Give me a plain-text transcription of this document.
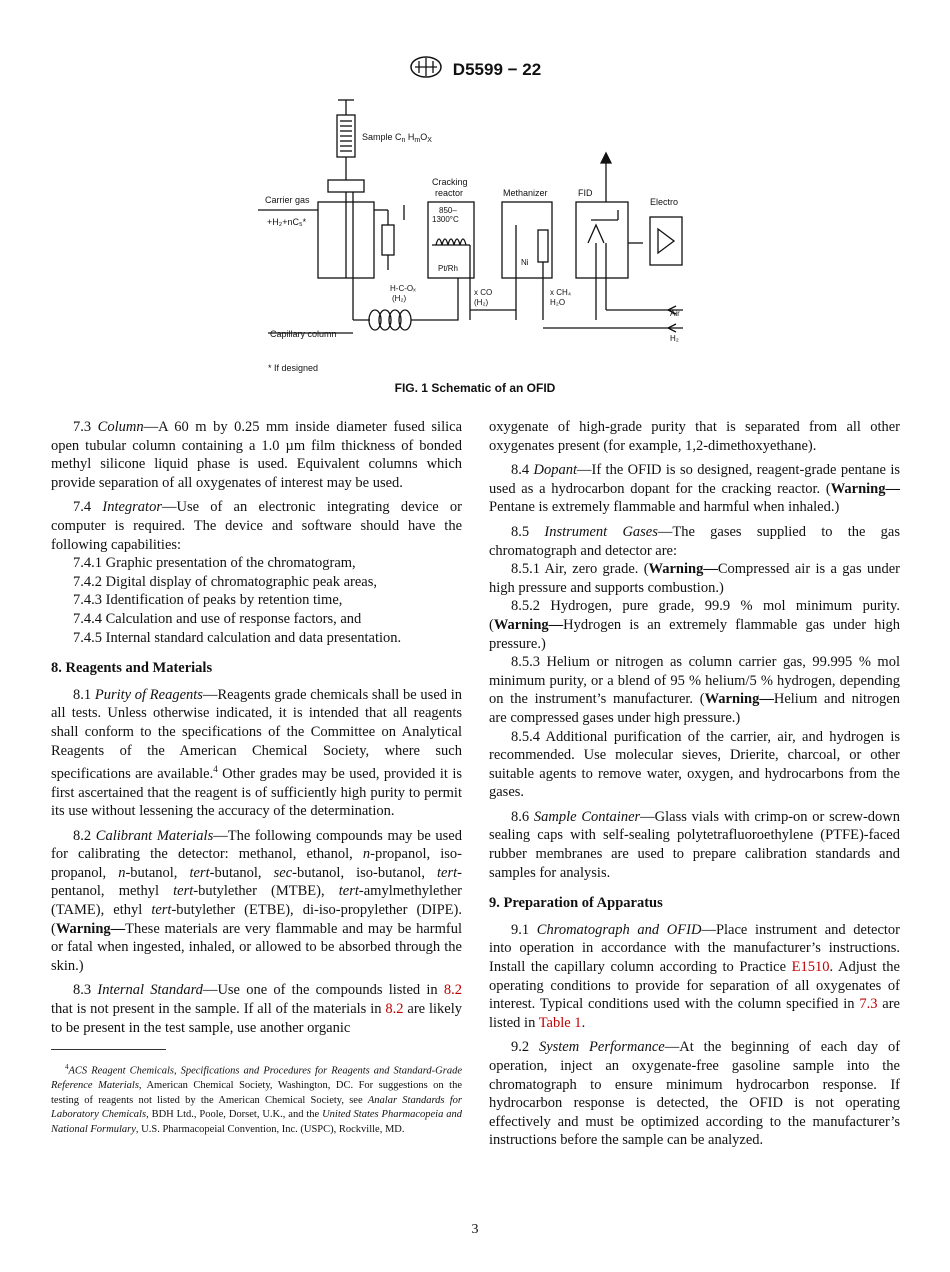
D5599 − 22
Sample $C_n$ $H_mO_X$
Carrier gas
+H₂+nC₅*
Cracking
reactor
850–
1300°C
Pt/Rh
Methanizer
Ni
FID
Electro
H-C-Oₓ
(H₂)
x CO
(H₂)
x CH₄
H₂O
Air
H₂
Capillary column
* If designed
FIG. 1 Schematic of an OFID

7.3 Column—A 60 m by 0.25 mm inside diameter fused silica open tubular column containing a 1.0 µm film thickness of bonded methyl silicone liquid phase is used. Equivalent columns which provide separation of all oxygenates of interest may be used.

7.4 Integrator—Use of an electronic integrating device or computer is required. The device and software should have the following capabilities:

7.4.1 Graphic presentation of the chromatogram,

7.4.2 Digital display of chromatographic peak areas,

7.4.3 Identification of peaks by retention time,

7.4.4 Calculation and use of response factors, and

7.4.5 Internal standard calculation and data presentation.

8. Reagents and Materials

8.1 Purity of Reagents—Reagents grade chemicals shall be used in all tests. Unless otherwise indicated, it is intended that all reagents shall conform to the specifications of the Committee on Analytical Reagents of the American Chemical Society, where such specifications are available.$^4$ Other grades may be used, provided it is first ascertained that the reagent is of sufficiently high purity to permit its use without lessening the accuracy of the determination.

8.2 Calibrant Materials—The following compounds may be used for calibrating the detector: methanol, ethanol, n-propanol, iso-propanol, n-butanol, tert-butanol, sec-butanol, iso-butanol, tert-pentanol, methyl tert-butylether (MTBE), tert-amylmethylether (TAME), ethyl tert-butylether (ETBE), di-iso-propylether (DIPE). (Warning—These materials are very flammable and may be harmful or fatal when ingested, inhaled, or allowed to be absorbed through the skin.)

8.3 Internal Standard—Use one of the compounds listed in 8.2 that is not present in the sample. If all of the materials in 8.2 are likely to be present in the test sample, use another organic

$^4$ACS Reagent Chemicals, Specifications and Procedures for Reagents and Standard-Grade Reference Materials, American Chemical Society, Washington, DC. For suggestions on the testing of reagents not listed by the American Chemical Society, see Analar Standards for Laboratory Chemicals, BDH Ltd., Poole, Dorset, U.K., and the United States Pharmacopeia and National Formulary, U.S. Pharmacopeial Convention, Inc. (USPC), Rockville, MD.

oxygenate of high-grade purity that is separated from all other oxygenates present (for example, 1,2-dimethoxyethane).

8.4 Dopant—If the OFID is so designed, reagent-grade pentane is used as a hydrocarbon dopant for the cracking reactor. (Warning—Pentane is extremely flammable and harmful when inhaled.)

8.5 Instrument Gases—The gases supplied to the gas chromatograph and detector are:

8.5.1 Air, zero grade. (Warning—Compressed air is a gas under high pressure and supports combustion.)

8.5.2 Hydrogen, pure grade, 99.9 % mol minimum purity. (Warning—Hydrogen is an extremely flammable gas under high pressure.)

8.5.3 Helium or nitrogen as column carrier gas, 99.995 % mol minimum purity, or a blend of 95 % helium/5 % hydrogen, depending on the instrument’s manufacturer. (Warning—Helium and nitrogen are compressed gases under high pressure.)

8.5.4 Additional purification of the carrier, air, and hydrogen is recommended. Use molecular sieves, Drierite, charcoal, or other suitable agents to remove water, oxygen, and hydrocarbons from the gases.

8.6 Sample Container—Glass vials with crimp-on or screw-down sealing caps with self-sealing polytetrafluoroethylene (PTFE)-faced rubber membranes are used to prepare calibration standards and samples for analysis.

9. Preparation of Apparatus

9.1 Chromatograph and OFID—Place instrument and detector into operation in accordance with the manufacturer’s instructions. Install the capillary column according to Practice E1510. Adjust the operating conditions to provide for separation of all oxygenates of interest. Typical conditions used with the column specified in 7.3 are listed in Table 1.

9.2 System Performance—At the beginning of each day of operation, inject an oxygenate-free gasoline sample into the chromatograph to ensure minimum hydrocarbon response. If hydrocarbon response is detected, the OFID is not operating effectively and must be optimized according to the manufacturer’s instructions before the sample can be analyzed.

3
